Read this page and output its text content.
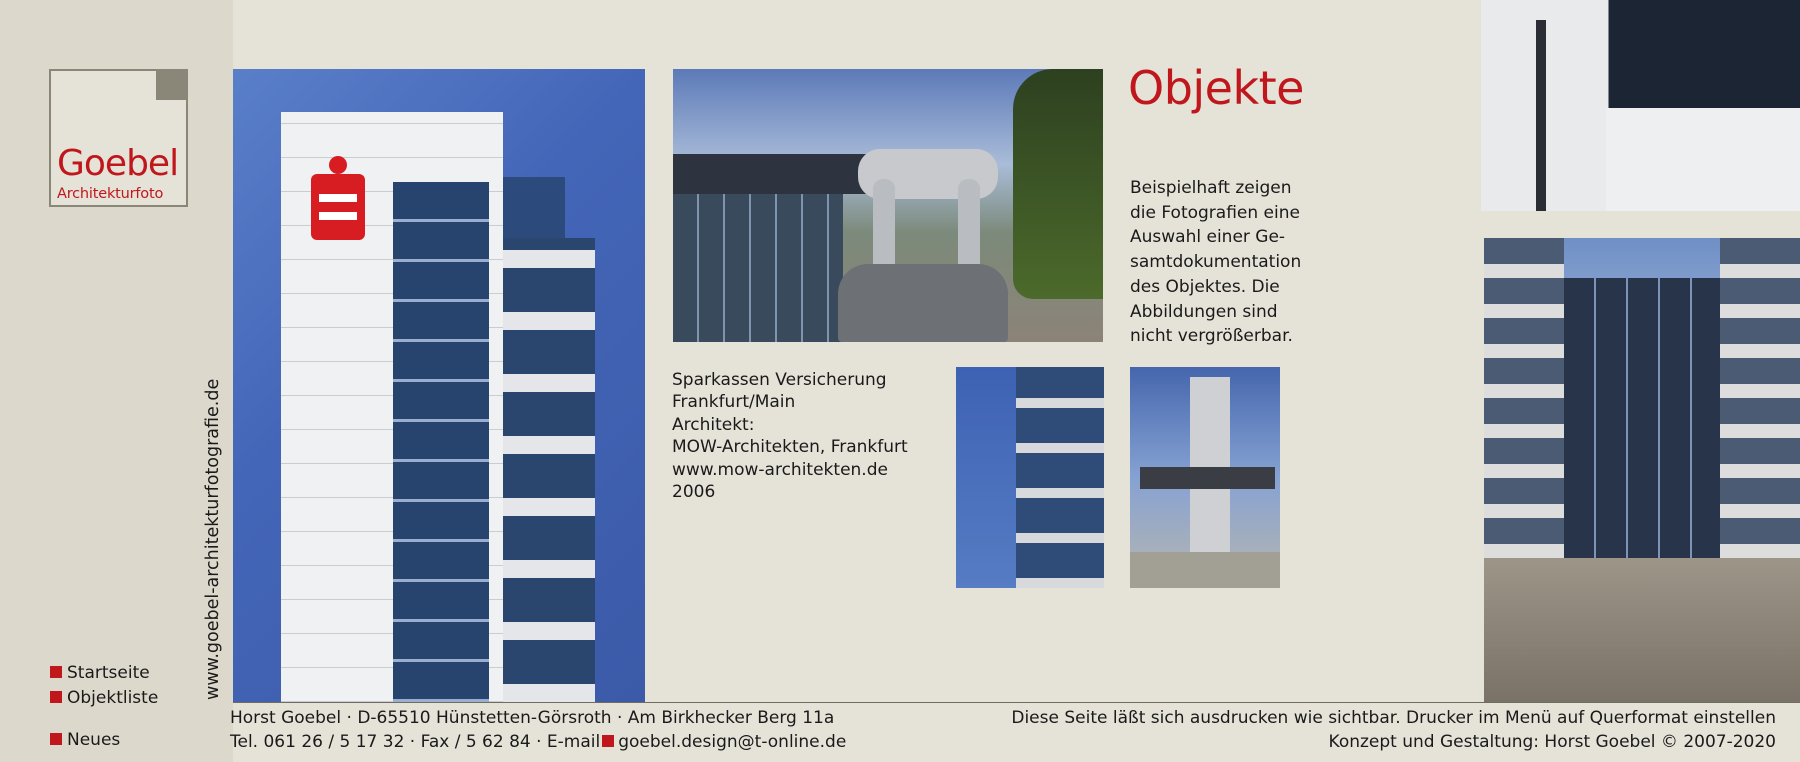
Goebel
Architekturfoto
Startseite
Objektliste
Neues
www.goebel-architekturfotografie.de
Objekte
Beispielhaft zeigen
die Fotografien eine
Auswahl einer Ge-
samtdokumentation
des Objektes. Die
Abbildungen sind
nicht vergrößerbar.
Sparkassen Versicherung
Frankfurt/Main
Architekt:
MOW-Architekten, Frankfurt
www.mow-architekten.de
2006
Horst Goebel · D-65510 Hünstetten-Görsroth · Am Birkhecker Berg 11a
Tel. 061 26 / 5 17 32 · Fax / 5 62 84 · E-mail goebel.design@t-online.de
Diese Seite läßt sich ausdrucken wie sichtbar. Drucker im Menü auf Querformat einstellen
Konzept und Gestaltung: Horst Goebel © 2007-2020
